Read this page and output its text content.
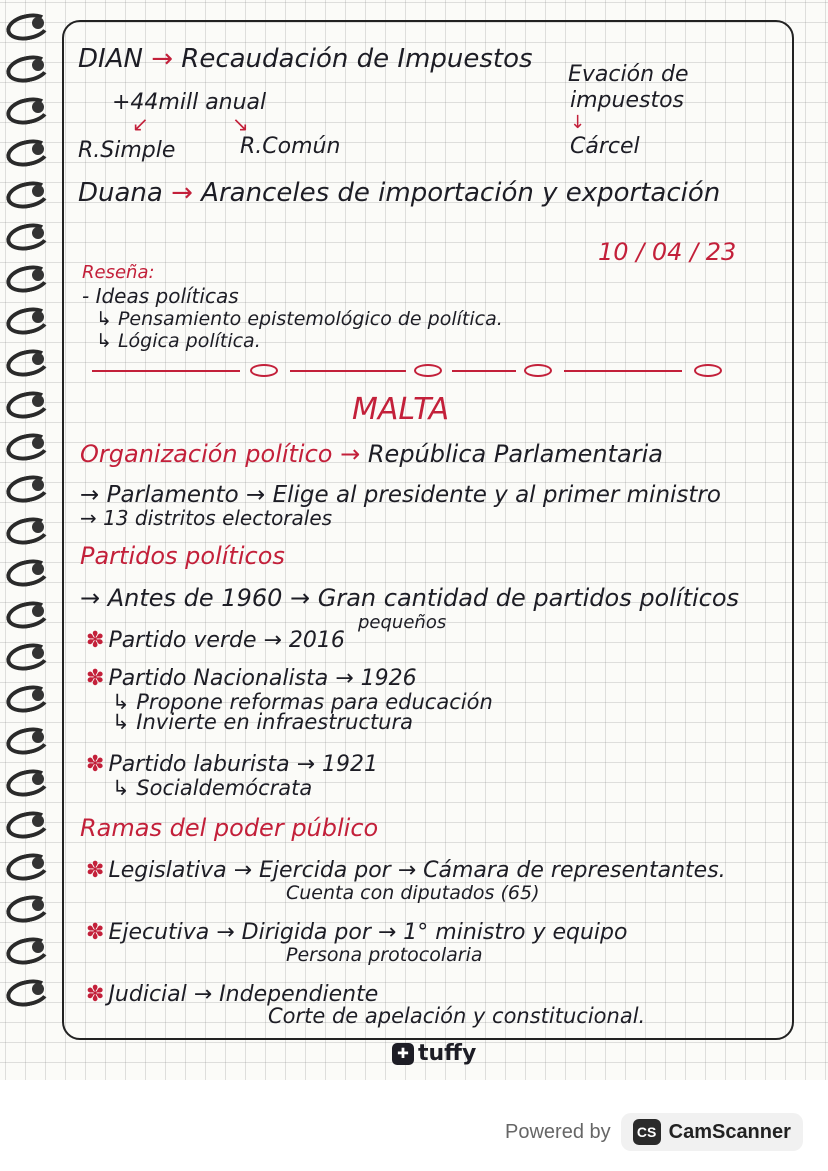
DIAN → Recaudación de Impuestos
Evación de
impuestos
+44mill anual
↙	↘	↓
R.Simple	R.Común	Cárcel
Duana → Aranceles de importación y exportación
10 / 04 / 23
Reseña:
- Ideas políticas
↳ Pensamiento epistemológico de política.
↳ Lógica política.
MALTA
Organización político → República Parlamentaria
→ Parlamento → Elige al presidente y al primer ministro
→ 13 distritos electorales
Partidos políticos
→ Antes de 1960 → Gran cantidad de partidos políticos
pequeños
✽ Partido verde → 2016
✽ Partido Nacionalista → 1926
↳ Propone reformas para educación
↳ Invierte en infraestructura
✽ Partido laburista → 1921
↳ Socialdemócrata
Ramas del poder público
✽ Legislativa → Ejercida por → Cámara de representantes.
Cuenta con diputados (65)
✽ Ejecutiva → Dirigida por → 1° ministro y equipo
Persona protocolaria
✽ Judicial → Independiente
Corte de apelación y constitucional.
✚ tuffy
Powered by	CS CamScanner
